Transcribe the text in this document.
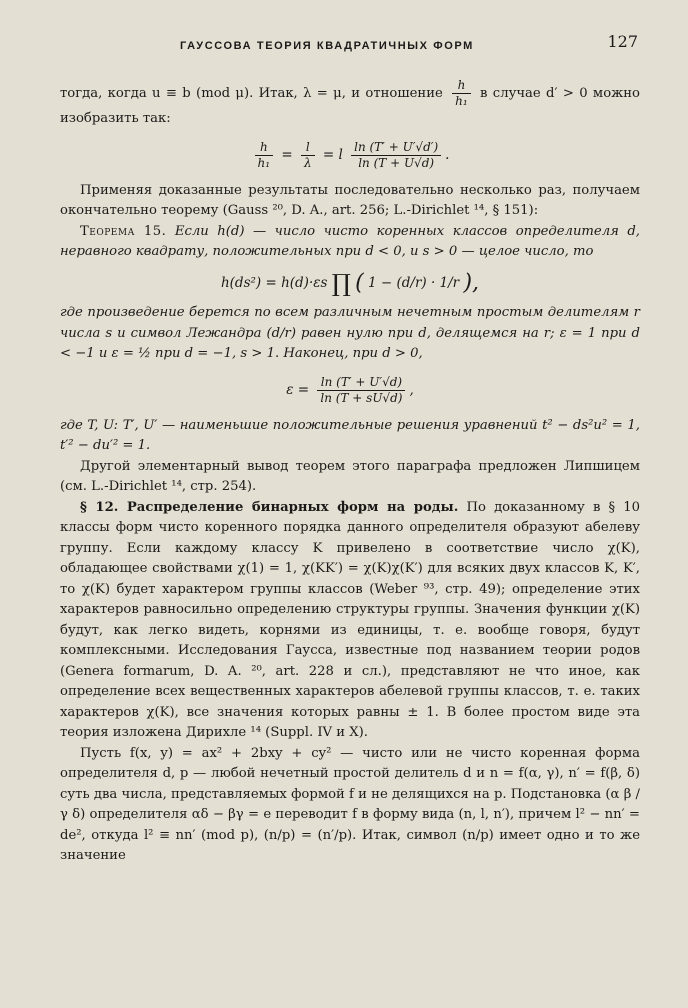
ГАУССОВА ТЕОРИЯ КВАДРАТИЧНЫХ ФОРМ	127

тогда, когда u ≡ b (mod μ). Итак, λ = μ, и отношение $\frac{h}{\text{h₁}}$ в случае d′ > 0 можно изобразить так:

$\frac{h}{\text{h₁}} = \frac{l}{\lambda} = l \frac{\ln (T' + U'√d')}{\ln (T + U√d)}$ .

Применяя доказанные результаты последовательно несколько раз, получаем окончательно теорему (Gauss ²⁰, D. A., art. 256; L.-Dirichlet ¹⁴, § 151):

Теорема 15. Если h(d) — число чисто коренных классов определителя d, неравного квадрату, положительных при d < 0, и s > 0 — целое число, то

h(ds²) = h(d)·εs ∏ ( 1 − (d/r) · 1/r ),

где произведение берется по всем различным нечетным простым делителям r числа s и символ Лежандра (d/r) равен нулю при d, делящемся на r; ε = 1 при d < −1 и ε = ½ при d = −1, s > 1. Наконец, при d > 0,

$\varepsilon = \frac{\ln (T' + U'√d)}{\ln (T + sU√d)}$ ,

где T, U: T′, U′ — наименьшие положительные решения уравнений t² − ds²u² = 1, t′² − du′² = 1.

Другой элементарный вывод теорем этого параграфа предложен Липшицем (см. L.-Dirichlet ¹⁴, стр. 254).

§ 12. Распределение бинарных форм на роды. По доказанному в § 10 классы форм чисто коренного порядка данного определителя образуют абелеву группу. Если каждому классу K привелено в соответствие число χ(K), обладающее свойствами χ(1) = 1, χ(KK′) = χ(K)χ(K′) для всяких двух классов K, K′, то χ(K) будет характером группы классов (Weber ⁹³, стр. 49); определение этих характеров равносильно определению структуры группы. Значения функции χ(K) будут, как легко видеть, корнями из единицы, т. е. вообще говоря, будут комплексными. Исследования Гаусса, известные под названием теории родов (Genera formarum, D. A. ²⁰, art. 228 и сл.), представляют не что иное, как определение всех вещественных характеров абелевой группы классов, т. е. таких характеров χ(K), все значения которых равны ± 1. В более простом виде эта теория изложена Дирихле ¹⁴ (Suppl. IV и X).

Пусть f(x, y) = ax² + 2bxy + cy² — чисто или не чисто коренная форма определителя d, p — любой нечетный простой делитель d и n = f(α, γ), n′ = f(β, δ) суть два числа, представляемых формой f и не делящихся на p. Подстановка (α β / γ δ) определителя αδ − βγ = e переводит f в форму вида (n, l, n′), причем l² − nn′ = de², откуда l² ≡ nn′ (mod p), (n/p) = (n′/p). Итак, символ (n/p) имеет одно и то же значение
